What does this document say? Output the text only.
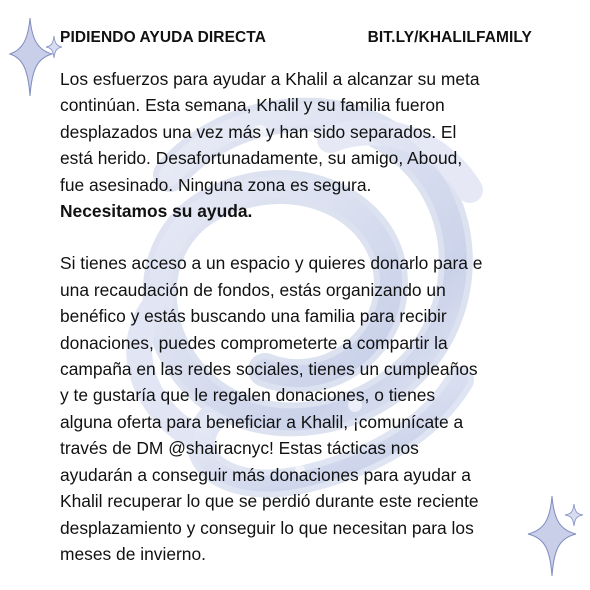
PIDIENDO AYUDA DIRECTA	BIT.LY/KHALILFAMILY

Los esfuerzos para ayudar a Khalil a alcanzar su meta
continúan. Esta semana, Khalil y su familia fueron
desplazados una vez más y han sido separados. El
está herido. Desafortunadamente, su amigo, Aboud,
fue asesinado. Ninguna zona es segura.
Necesitamos su ayuda.

Si tienes acceso a un espacio y quieres donarlo para e
una recaudación de fondos, estás organizando un
benéfico y estás buscando una familia para recibir
donaciones, puedes comprometerte a compartir la
campaña en las redes sociales, tienes un cumpleaños
y te gustaría que le regalen donaciones, o tienes
alguna oferta para beneficiar a Khalil, ¡comunícate a
través de DM @shairacnyc! Estas tácticas nos
ayudarán a conseguir más donaciones para ayudar a
Khalil recuperar lo que se perdió durante este reciente
desplazamiento y conseguir lo que necesitan para los
meses de invierno.
